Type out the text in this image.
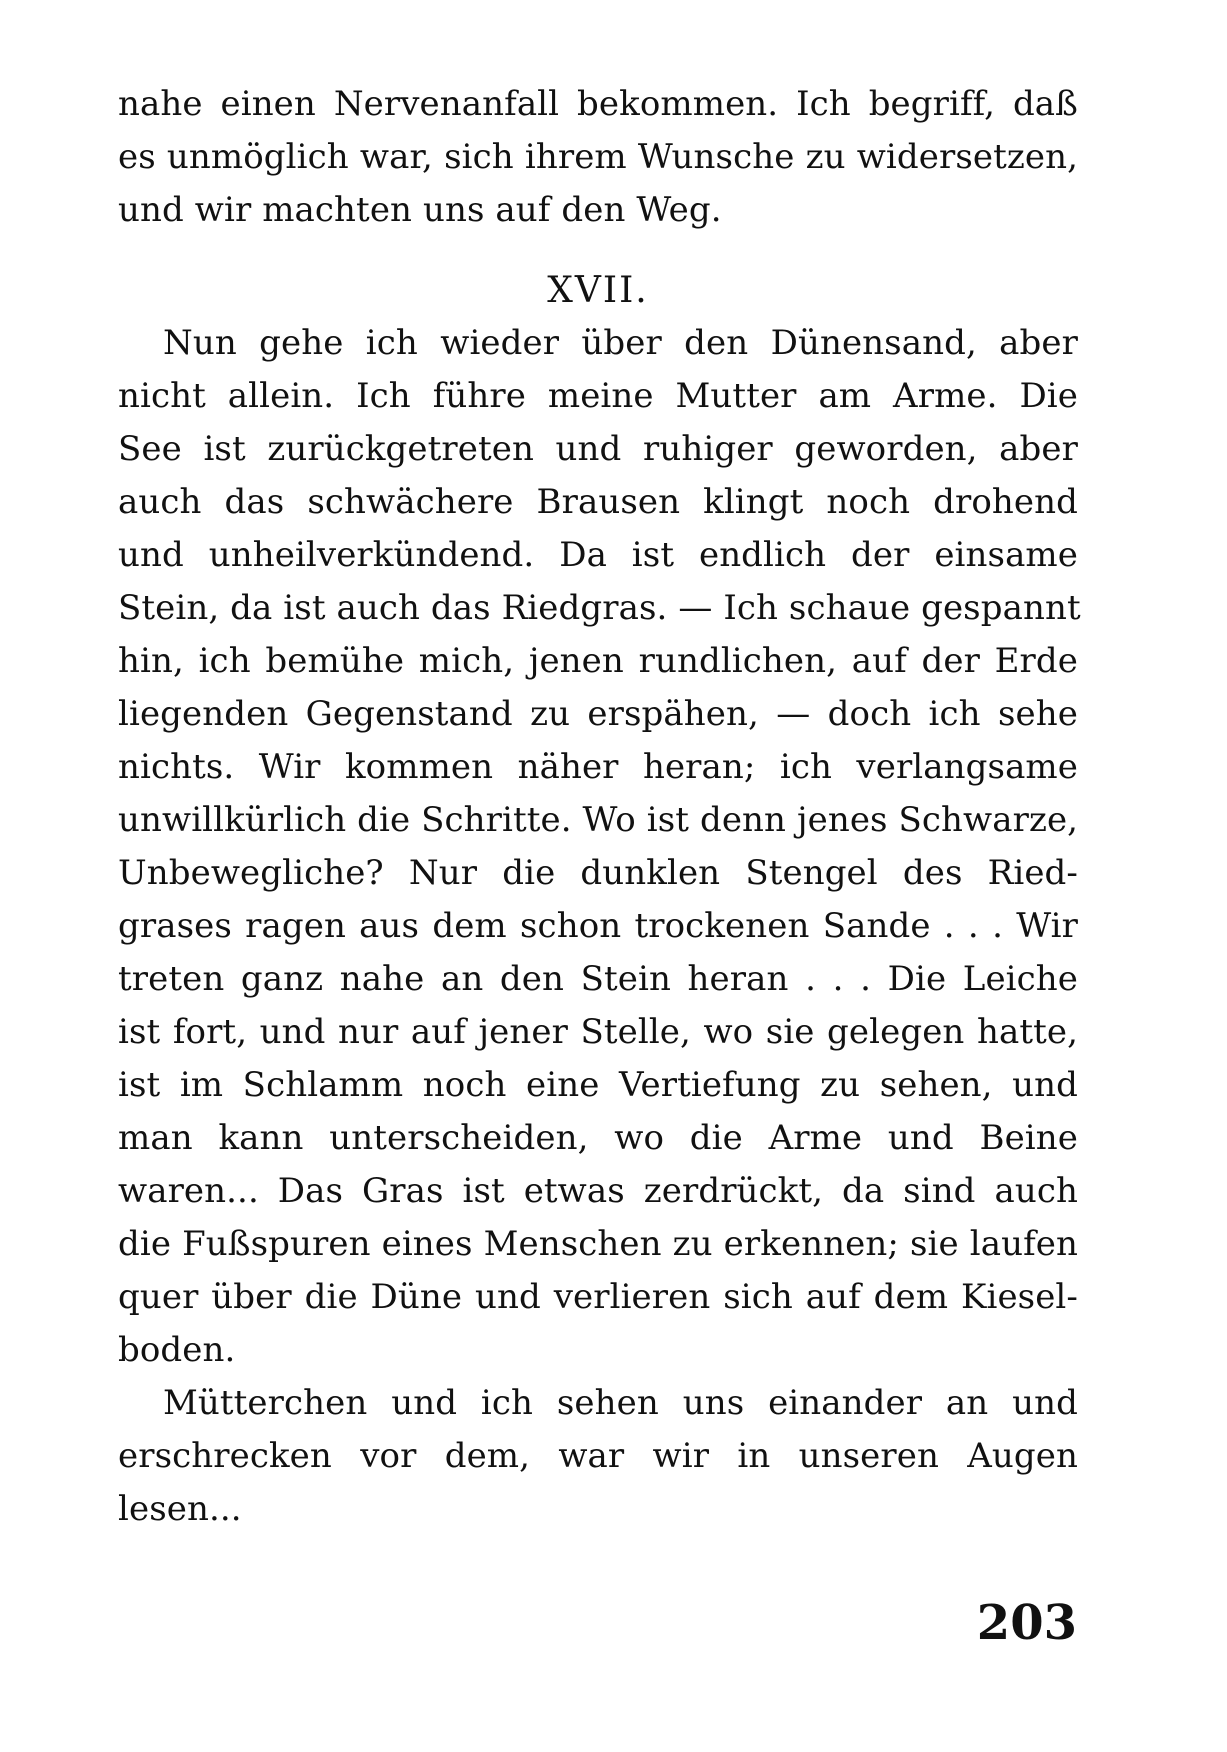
nahe einen Nervenanfall bekommen. Ich begriff, daß
es unmöglich war, sich ihrem Wunsche zu widersetzen,
und wir machten uns auf den Weg.
XVII.
Nun gehe ich wieder über den Dünensand, aber
nicht allein. Ich führe meine Mutter am Arme. Die
See ist zurückgetreten und ruhiger geworden, aber
auch das schwächere Brausen klingt noch drohend
und unheilverkündend. Da ist endlich der einsame
Stein, da ist auch das Riedgras. — Ich schaue gespannt
hin, ich bemühe mich, jenen rundlichen, auf der Erde
liegenden Gegenstand zu erspähen, — doch ich sehe
nichts. Wir kommen näher heran; ich verlangsame
unwillkürlich die Schritte. Wo ist denn jenes Schwarze,
Unbewegliche? Nur die dunklen Stengel des Ried-
grases ragen aus dem schon trockenen Sande . . . Wir
treten ganz nahe an den Stein heran . . . Die Leiche
ist fort, und nur auf jener Stelle, wo sie gelegen hatte,
ist im Schlamm noch eine Vertiefung zu sehen, und
man kann unterscheiden, wo die Arme und Beine
waren... Das Gras ist etwas zerdrückt, da sind auch
die Fußspuren eines Menschen zu erkennen; sie laufen
quer über die Düne und verlieren sich auf dem Kiesel-
boden.
Mütterchen und ich sehen uns einander an und
erschrecken vor dem, war wir in unseren Augen
lesen...
203
